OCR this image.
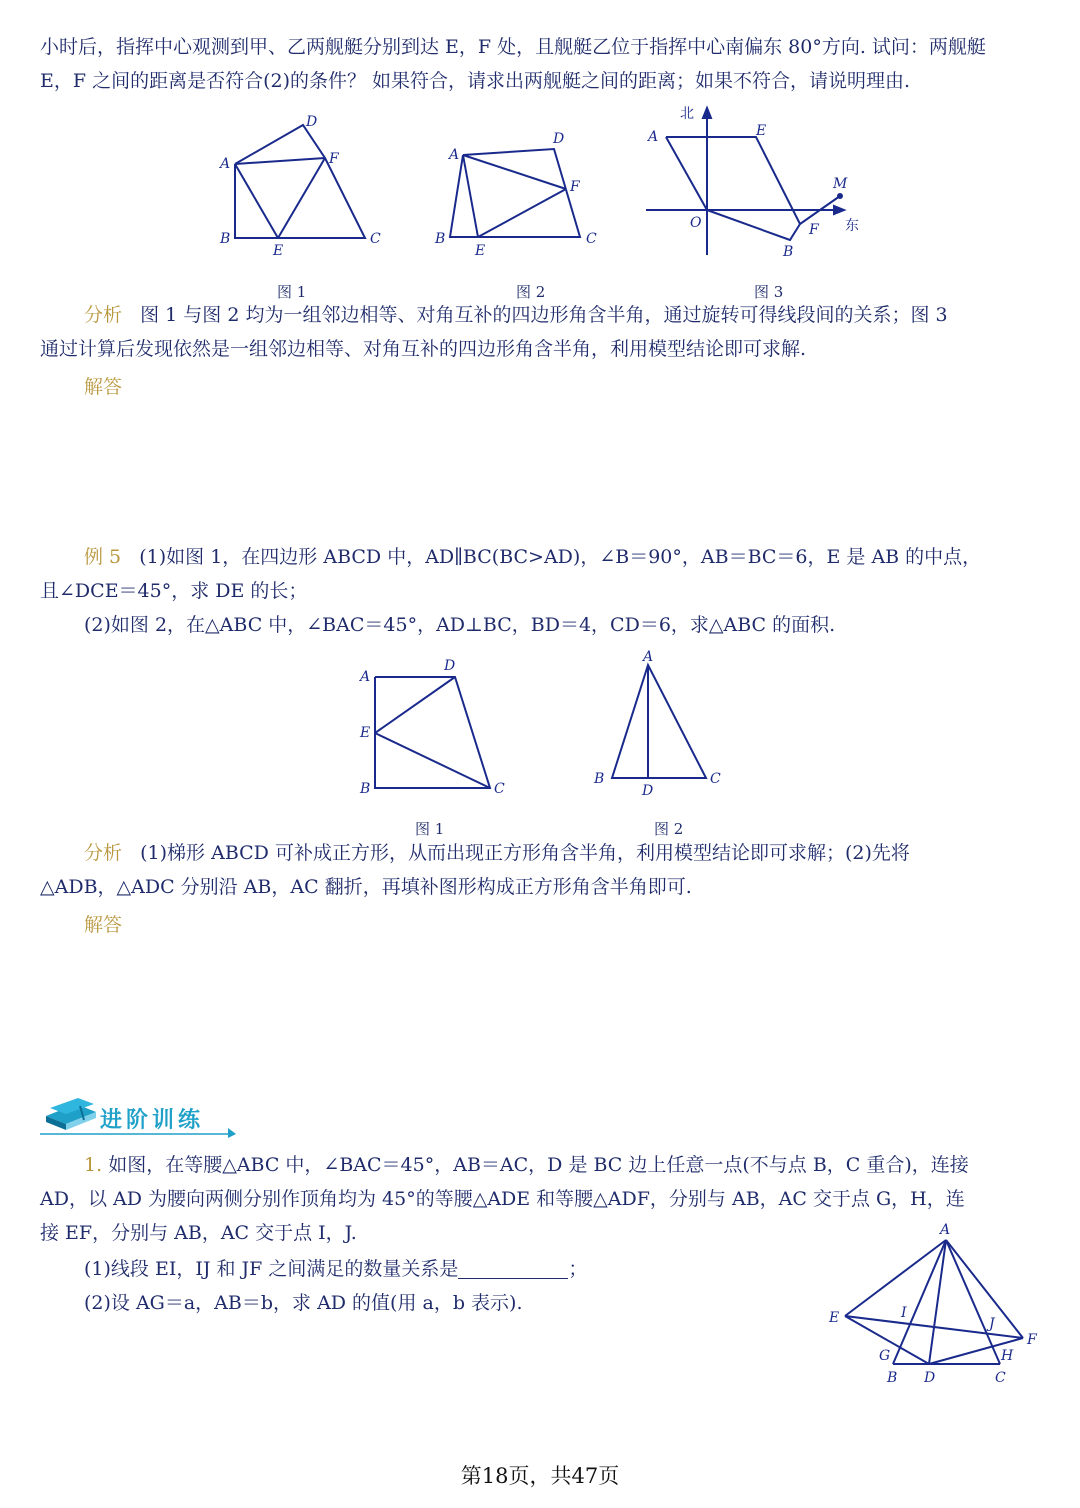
小时后，指挥中心观测到甲、乙两舰艇分别到达 E，F 处，且舰艇乙位于指挥中心南偏东 80°方向. 试问：两舰艇
E，F 之间的距离是否符合(2)的条件？ 如果符合，请求出两舰艇之间的距离；如果不符合，请说明理由.
A
D
F
B
E
C
图 1
A
D
F
B
E
C
图 2
北
东
A	E
O
B
F
M
图 3
分析 图 1 与图 2 均为一组邻边相等、对角互补的四边形角含半角，通过旋转可得线段间的关系；图 3
通过计算后发现依然是一组邻边相等、对角互补的四边形角含半角，利用模型结论即可求解.
解答
例 5 (1)如图 1，在四边形 ABCD 中，AD∥BC(BC>AD)，∠B＝90°，AB＝BC＝6，E 是 AB 的中点，
且∠DCE＝45°，求 DE 的长；
(2)如图 2，在△ABC 中，∠BAC＝45°，AD⊥BC，BD＝4，CD＝6，求△ABC 的面积.
A
D
E
B	C
图 1
A
B
D
C
图 2
分析 (1)梯形 ABCD 可补成正方形，从而出现正方形角含半角，利用模型结论即可求解；(2)先将
△ADB，△ADC 分别沿 AB，AC 翻折，再填补图形构成正方形角含半角即可.
解答
进阶训练
1. 如图，在等腰△ABC 中，∠BAC＝45°，AB＝AC，D 是 BC 边上任意一点(不与点 B，C 重合)，连接
AD，以 AD 为腰向两侧分别作顶角均为 45°的等腰△ADE 和等腰△ADF，分别与 AB，AC 交于点 G，H，连
接 EF，分别与 AB，AC 交于点 I，J.
(1)线段 EI，IJ 和 JF 之间满足的数量关系是	；
(2)设 AG＝a，AB＝b，求 AD 的值(用 a，b 表示).
A
E	I
J
F
G	H
B D	C
第18页，共47页
